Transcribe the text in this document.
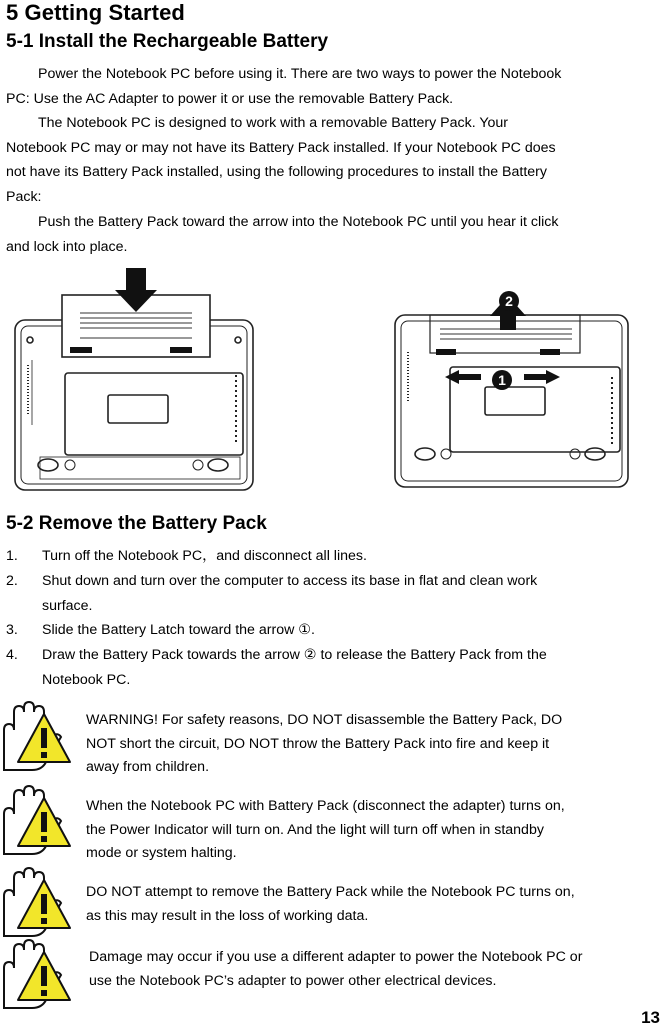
5 Getting Started
5-1 Install the Rechargeable Battery
Power the Notebook PC before using it. There are two ways to power the Notebook
PC: Use the AC Adapter to power it or use the removable Battery Pack.
The Notebook PC is designed to work with a removable Battery Pack. Your
Notebook PC may or may not have its Battery Pack installed. If your Notebook PC does
not have its Battery Pack installed, using the following procedures to install the Battery
Pack:
Push the Battery Pack toward the arrow into the Notebook PC until you hear it click
and lock into place.
1
2
5-2 Remove the Battery Pack
1. Turn off the Notebook PC，and disconnect all lines.
2. Shut down and turn over the computer to access its base in flat and clean work
surface.
3. Slide the Battery Latch toward the arrow ①.
4. Draw the Battery Pack towards the arrow ② to release the Battery Pack from the
Notebook PC.
WARNING! For safety reasons, DO NOT disassemble the Battery Pack, DO
NOT short the circuit, DO NOT throw the Battery Pack into fire and keep it
away from children.
When the Notebook PC with Battery Pack (disconnect the adapter) turns on,
the Power Indicator will turn on. And the light will turn off when in standby
mode or system halting.
DO NOT attempt to remove the Battery Pack while the Notebook PC turns on,
as this may result in the loss of working data.
Damage may occur if you use a different adapter to power the Notebook PC or
use the Notebook PC’s adapter to power other electrical devices.
13
